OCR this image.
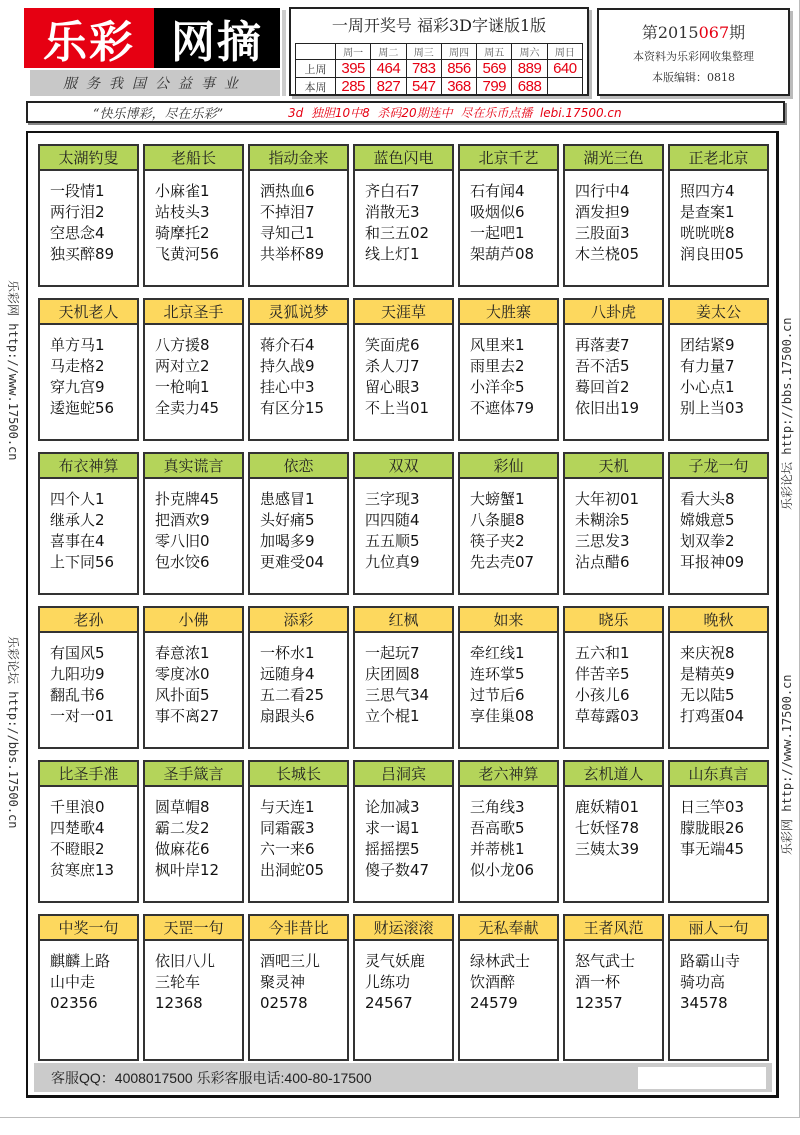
乐彩 网摘
服务我国公益事业
一周开奖号 福彩3D字谜版1版
	周一	周二	周三	周四	周五	周六	周日
上周	395	464	783	856	569	889	640
本周	285	827	547	368	799	688	
第2015067期
本资料为乐彩网收集整理
本版编辑：0818
“快乐博彩，尽在乐彩”	3d  独胆10中8  杀码20期连中  尽在乐币点播  lebi.17500.cn
乐彩网 http://www.17500.cn
乐彩论坛 http://bbs.17500.cn
乐彩论坛 http://bbs.17500.cn
乐彩网 http://www.17500.cn
太湖钓叟
一段情1
两行泪2
空思念4
独买醉89
老船长
小麻雀1
站枝头3
骑摩托2
飞黄河56
指动金来
洒热血6
不掉泪7
寻知己1
共举杯89
蓝色闪电
齐白石7
消散无3
和三五02
线上灯1
北京千艺
石有闻4
吸烟似6
一起吧1
架葫芦08
湖光三色
四行中4
酒发担9
三股面3
木兰桡05
正老北京
照四方4
是查案1
咣咣咣8
润良田05
天机老人
单方马1
马走格2
穿九宫9
逶迤蛇56
北京圣手
八方援8
两对立2
一枪响1
全卖力45
灵狐说梦
蒋介石4
持久战9
挂心中3
有区分15
天涯草
笑面虎6
杀人刀7
留心眼3
不上当01
大胜寨
风里来1
雨里去2
小洋伞5
不遮体79
八卦虎
再落妻7
吾不活5
蓦回首2
依旧出19
姜太公
团结紧9
有力量7
小心点1
别上当03
布衣神算
四个人1
继承人2
喜事在4
上下同56
真实谎言
扑克牌45
把酒欢9
零八旧0
包水饺6
依恋
患感冒1
头好痛5
加喝多9
更难受04
双双
三字现3
四四随4
五五顺5
九位真9
彩仙
大螃蟹1
八条腿8
筷子夹2
先去壳07
天机
大年初01
未糊涂5
三思发3
沾点醋6
子龙一句
看大头8
嫦娥意5
划双拳2
耳报神09
老孙
有国风5
九阳功9
翻乱书6
一对一01
小佛
春意浓1
零度冰0
风扑面5
事不离27
添彩
一杯水1
远随身4
五二看25
扇跟头6
红枫
一起玩7
庆团圆8
三思气34
立个棍1
如来
牵红线1
连环掌5
过节后6
享佳巢08
晓乐
五六和1
伴苦辛5
小孩儿6
草莓露03
晚秋
来庆祝8
是精英9
无以陆5
打鸡蛋04
比圣手准
千里浪0
四楚歌4
不瞪眼2
贫寒庶13
圣手箴言
圆草帽8
霸二发2
做麻花6
枫叶岸12
长城长
与天连1
同霜霰3
六一来6
出洞蛇05
吕洞宾
论加减3
求一谒1
摇摇摆5
傻子数47
老六神算
三角线3
吾高歌5
并蒂桃1
似小龙06
玄机道人
鹿妖精01
七妖怪78
三姨太39
山东真言
日三竿03
朦胧眼26
事无端45
中奖一句
麒麟上路
山中走
02356
天罡一句
依旧八儿
三轮车
12368
今非昔比
酒吧三儿
聚灵神
02578
财运滚滚
灵气妖鹿
儿练功
24567
无私奉献
绿林武士
饮酒醉
24579
王者风范
怒气武士
酒一杯
12357
丽人一句
路霸山寺
骑功高
34578
客服QQ：4008017500 乐彩客服电话:400-80-17500
